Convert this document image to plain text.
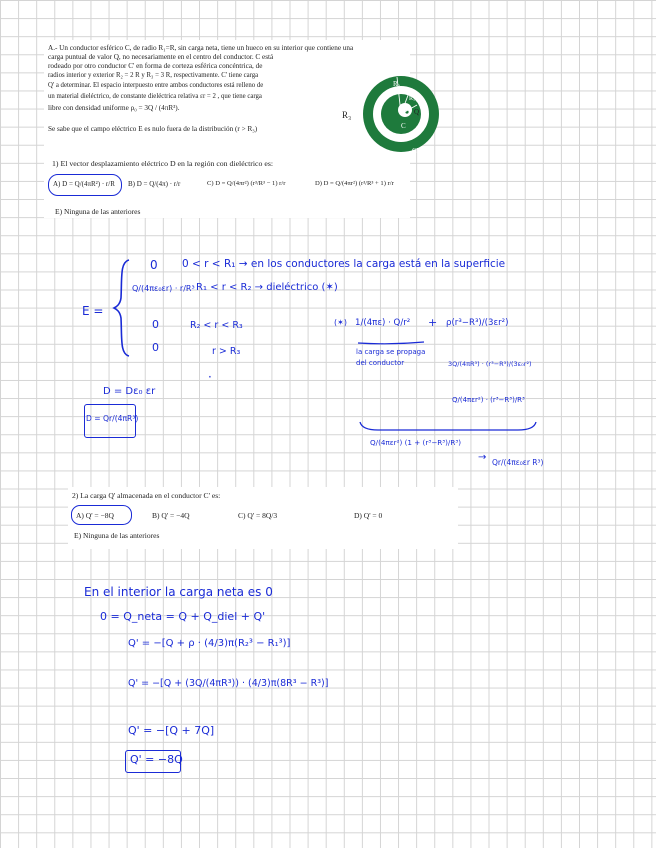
A.- Un conductor esférico C, de radio R₁=R, sin carga neta, tiene un hueco en su interior que contiene una
carga puntual de valor Q, no necesariamente en el centro del conductor. C está
rodeado por otro conductor C' en forma de corteza esférica concéntrica, de
radios interior y exterior R₂ = 2 R y R₃ = 3 R, respectivamente. C' tiene carga
Q' a determinar. El espacio interpuesto entre ambos conductores está relleno de
un material dieléctrico, de constante dieléctrica relativa εr = 2 , que tiene carga
libre con densidad uniforme ρ₀ = 3Q / (4πR³).
Se sabe que el campo eléctrico E es nulo fuera de la distribución (r > R₃)
R₃
R₂
R₁
Q
C
C'
1) El vector desplazamiento eléctrico D en la región con dieléctrico es:
A) D = Q/(4πR²) · r/R B) D = Q/(4π) · r/r	C) D = Q/(4πr²) (r³/R³ − 1) r/r	D) D = Q/(4πr²) (r³/R³ + 1) r/r
E) Ninguna de las anteriores
E =
0 0 < r < R₁ → en los conductores la carga está en la superficie
Q/(4πε₀εr) · r/R³ R₁ < r < R₂ → dieléctrico (✶)
0	R₂ < r < R₃
0	r > R₃
·
D = Dε₀ εr
D = Qr/(4πR³)
(✶) 1/(4πε) · Q/r² + ρ(r³−R³)/(3εr²)
la carga se propaga
del conductor	3Q/(4πR³) · (r³−R³)/(3ε₀r²)
Q/(4πεr²) · (r³−R³)/R³
Q/(4πεr²) (1 + (r³−R³)/R³)
→ Qr/(4πε₀εr R³)
2) La carga Q' almacenada en el conductor C' es:
A) Q' = −8Q	B) Q' = −4Q	C) Q' = 8Q/3	D) Q' = 0
E) Ninguna de las anteriores
En el interior la carga neta es 0
0 = Q_neta = Q + Q_diel + Q'
Q' = −[Q + ρ · (4/3)π(R₂³ − R₁³)]
Q' = −[Q + (3Q/(4πR³)) · (4/3)π(8R³ − R³)]
Q' = −[Q + 7Q]
Q' = −8Q
